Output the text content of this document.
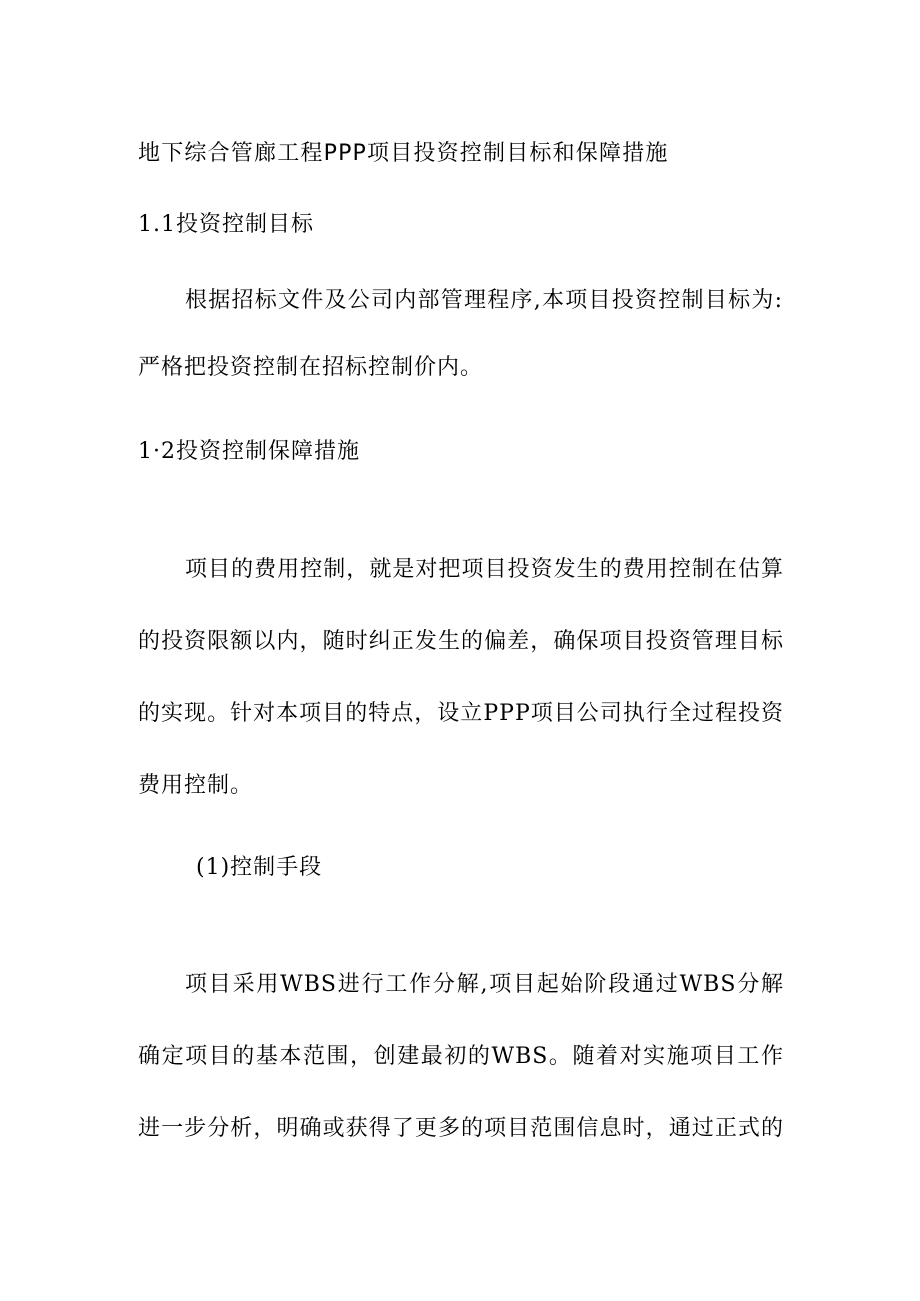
地下综合管廊工程PPP项目投资控制目标和保障措施
1.1投资控制目标
根据招标文件及公司内部管理程序,本项目投资控制目标为:
严格把投资控制在招标控制价内。
1·2投资控制保障措施
项目的费用控制，就是对把项目投资发生的费用控制在估算
的投资限额以内，随时纠正发生的偏差，确保项目投资管理目标
的实现。针对本项目的特点，设立PPP项目公司执行全过程投资
费用控制。
(1)控制手段
项目采用WBS进行工作分解,项目起始阶段通过WBS分解
确定项目的基本范围，创建最初的WBS。随着对实施项目工作
进一步分析，明确或获得了更多的项目范围信息时，通过正式的
